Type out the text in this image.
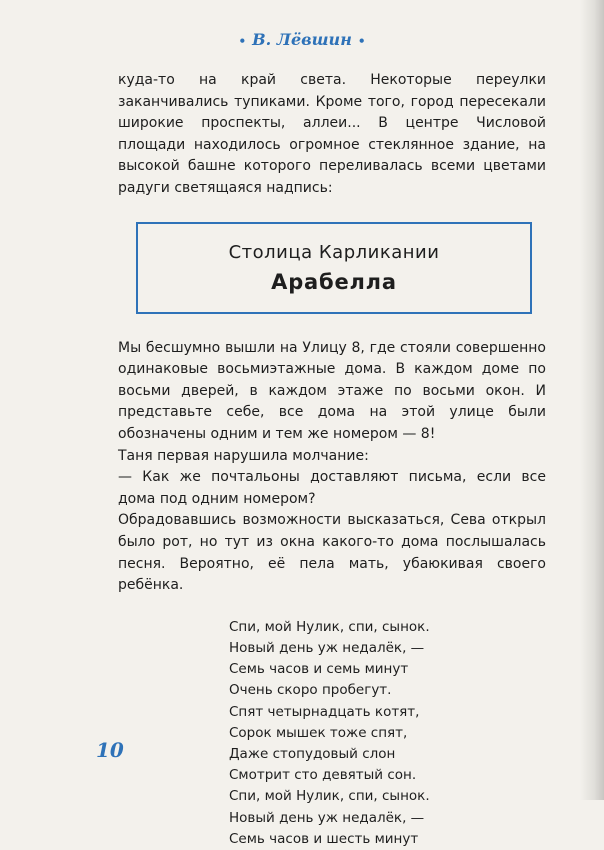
• В. Лёвшин •

куда-то на край света. Некоторые переулки заканчивались тупиками. Кроме того, город пересекали широкие проспекты, аллеи... В центре Числовой площади находилось огромное стеклянное здание, на высокой башне которого переливалась всеми цветами радуги светящаяся надпись:

Столица Карликании
Арабелла

Мы бесшумно вышли на Улицу 8, где стояли совершенно одинаковые восьмиэтажные дома. В каждом доме по восьми дверей, в каждом этаже по восьми окон. И представьте себе, все дома на этой улице были обозначены одним и тем же номером — 8!

Таня первая нарушила молчание:

— Как же почтальоны доставляют письма, если все дома под одним номером?

Обрадовавшись возможности высказаться, Сева открыл было рот, но тут из окна какого-то дома послышалась песня. Вероятно, её пела мать, убаюкивая своего ребёнка.

Спи, мой Нулик, спи, сынок.
Новый день уж недалёк, —
Семь часов и семь минут
Очень скоро пробегут.
Спят четырнадцать котят,
Сорок мышек тоже спят,
Даже стопудовый слон
Смотрит сто девятый сон.
Спи, мой Нулик, спи, сынок.
Новый день уж недалёк, —
Семь часов и шесть минут
10
